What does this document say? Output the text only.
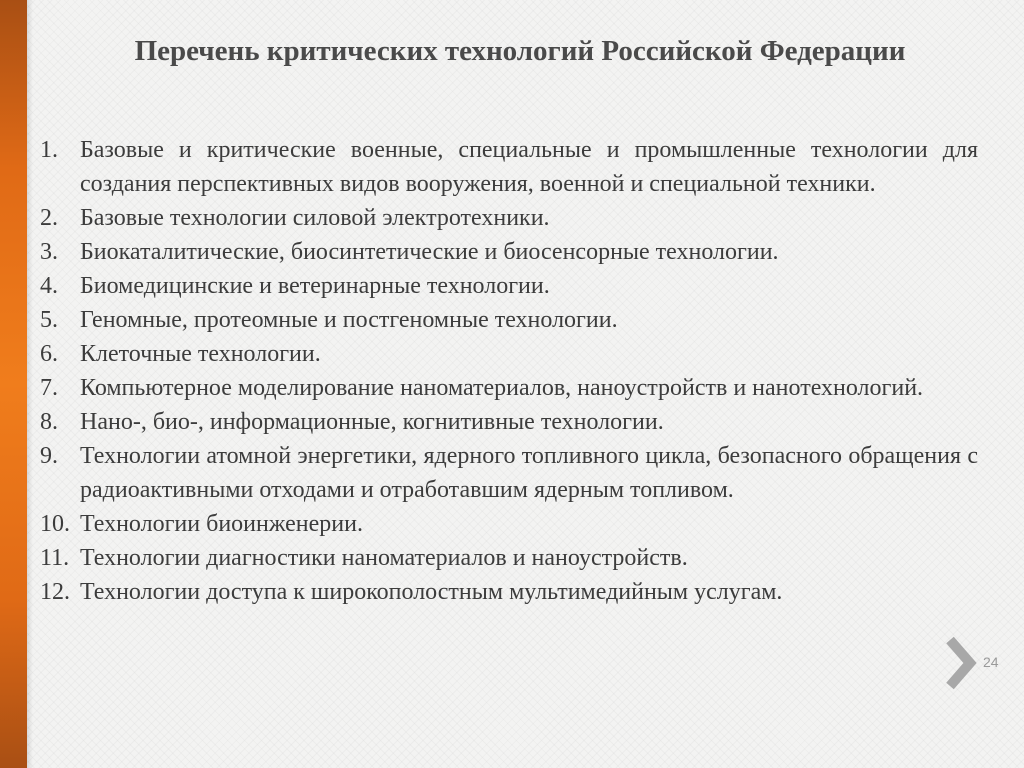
Перечень критических технологий Российской Федерации
1. Базовые и критические военные, специальные и промышленные технологии для создания перспективных видов вооружения, военной и специальной техники.
2. Базовые технологии силовой электротехники.
3. Биокаталитические, биосинтетические и биосенсорные технологии.
4. Биомедицинские и ветеринарные технологии.
5. Геномные, протеомные и постгеномные технологии.
6. Клеточные технологии.
7. Компьютерное моделирование наноматериалов, наноустройств и нанотехнологий.
8. Нано-, био-, информационные, когнитивные технологии.
9. Технологии атомной энергетики, ядерного топливного цикла, безопасного обращения с радиоактивными отходами и отработавшим ядерным топливом.
10. Технологии биоинженерии.
11. Технологии диагностики наноматериалов и наноустройств.
12. Технологии доступа к широкополостным мультимедийным услугам.
24
